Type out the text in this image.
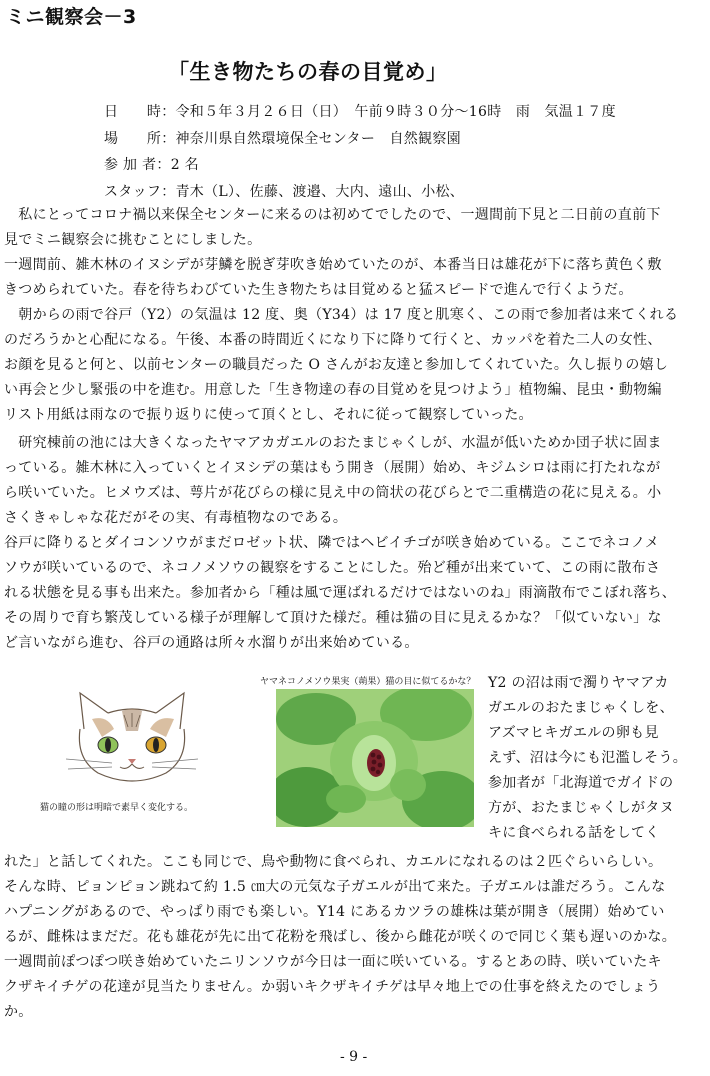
ミニ観察会－3
「生き物たちの春の目覚め」
日　　時：令和５年３月２６日（日）　午前９時３０分～16時　雨　気温１７度
場　　所：神奈川県自然環境保全センター　自然観察園
参 加 者：2 名
スタッフ：青木（L）、佐藤、渡邉、大内、遠山、小松、
　私にとってコロナ禍以来保全センターに来るのは初めてでしたので、一週間前下見と二日前の直前下
見でミニ観察会に挑むことにしました。
一週間前、雑木林のイヌシデが芽鱗を脱ぎ芽吹き始めていたのが、本番当日は雄花が下に落ち黄色く敷
きつめられていた。春を待ちわびていた生き物たちは目覚めると猛スピードで進んで行くようだ。
　朝からの雨で谷戸（Y2）の気温は 12 度、奥（Y34）は 17 度と肌寒く、この雨で参加者は来てくれる
のだろうかと心配になる。午後、本番の時間近くになり下に降りて行くと、カッパを着た二人の女性、
お顔を見ると何と、以前センターの職員だった O さんがお友達と参加してくれていた。久し振りの嬉し
い再会と少し緊張の中を進む。用意した「生き物達の春の目覚めを見つけよう」植物編、昆虫・動物編
リスト用紙は雨なので振り返りに使って頂くとし、それに従って観察していった。
　研究棟前の池には大きくなったヤマアカガエルのおたまじゃくしが、水温が低いためか団子状に固ま
っている。雑木林に入っていくとイヌシデの葉はもう開き（展開）始め、キジムシロは雨に打たれなが
ら咲いていた。ヒメウズは、萼片が花びらの様に見え中の筒状の花びらとで二重構造の花に見える。小
さくきゃしゃな花だがその実、有毒植物なのである。
谷戸に降りるとダイコンソウがまだロゼット状、隣ではヘビイチゴが咲き始めている。ここでネコノメ
ソウが咲いているので、ネコノメソウの観察をすることにした。殆ど種が出来ていて、この雨に散布さ
れる状態を見る事も出来た。参加者から「種は風で運ばれるだけではないのね」雨滴散布でこぼれ落ち、
その周りで育ち繁茂している様子が理解して頂けた様だ。種は猫の目に見えるかな？「似ていない」な
ど言いながら進む、谷戸の通路は所々水溜りが出来始めている。
猫の瞳の形は明暗で素早く変化する。
ヤマネコノメソウ果実（蒴果）猫の目に似てるかな？ Y2 の沼は雨で濁りヤマアカ
ガエルのおたまじゃくしを、
アズマヒキガエルの卵も見
えず、沼は今にも氾濫しそう。
参加者が「北海道でガイドの
方が、おたまじゃくしがタヌ
キに食べられる話をしてく
れた」と話してくれた。ここも同じで、鳥や動物に食べられ、カエルになれるのは２匹ぐらいらしい。
そんな時、ピョンピョン跳ねて約 1.5 ㎝大の元気な子ガエルが出て来た。子ガエルは誰だろう。こんな
ハプニングがあるので、やっぱり雨でも楽しい。Y14 にあるカツラの雄株は葉が開き（展開）始めてい
るが、雌株はまだだ。花も雄花が先に出て花粉を飛ばし、後から雌花が咲くので同じく葉も遅いのかな。
一週間前ぽつぽつ咲き始めていたニリンソウが今日は一面に咲いている。するとあの時、咲いていたキ
クザキイチゲの花達が見当たりません。か弱いキクザキイチゲは早々地上での仕事を終えたのでしょう
か。
- 9 -
